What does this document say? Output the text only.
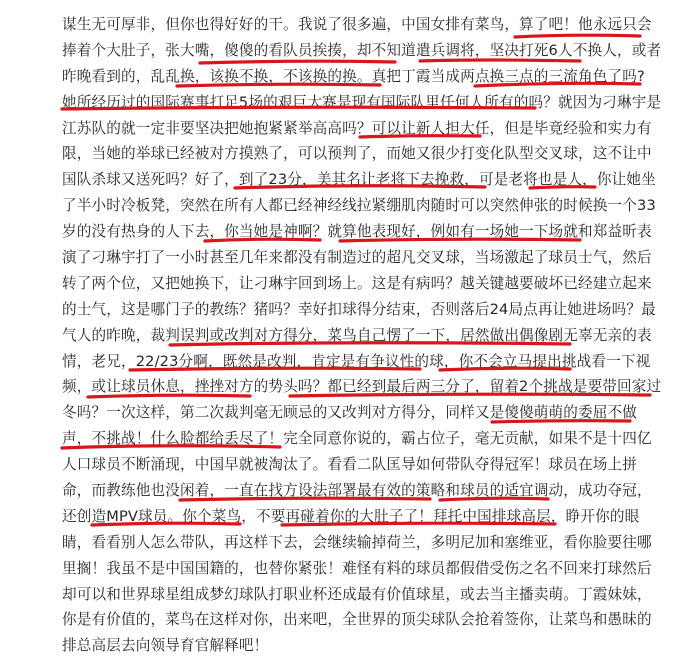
谋生无可厚非，但你也得好好的干。我说了很多遍，中国女排有菜鸟，算了吧！他永远只会
捧着个大肚子，张大嘴，傻傻的看队员挨揍，却不知道遣兵调将，坚决打死6人不换人，或者
昨晚看到的，乱乱换，该换不换，不该换的换。真把丁霞当成两点换三点的三流角色了吗?
她所经历过的国际赛事打足5场的艰巨大赛是现有国际队里任何人所有的吗？就因为刁琳宇是
江苏队的就一定非要坚决把她抱紧紧举高高吗？可以让新人担大任，但是毕竟经验和实力有
限，当她的举球已经被对方摸熟了，可以预判了，而她又很少打变化队型交叉球，这不让中
国队杀球又送死吗？好了，到了23分，美其名让老将下去挽救，可是老将也是人，你让她坐
了半小时冷板凳，突然在所有人都已经神经线拉紧绷肌肉随时可以突然伸张的时候换一个33
岁的没有热身的人下去，你当她是神啊？就算他表现好，例如有一场她一下场就和郑益昕表
演了刁琳宇打了一小时甚至几年来都没有制造过的超凡交叉球，当场激起了球员士气，然后
转了两个位，又把她换下，让刁琳宇回到场上。这是有病吗？越关键越要破坏已经建立起来
的士气，这是哪门子的教练？猪吗？幸好扣球得分结束，否则落后24局点再让她进场吗？最
气人的昨晚，裁判误判或改判对方得分，菜鸟自己愣了一下，居然做出偶像剧无辜无亲的表
情，老兄，22/23分啊，既然是改判，肯定是有争议性的球，你不会立马提出挑战看一下视
频，或让球员休息，挫挫对方的势头吗？都已经到最后两三分了，留着2个挑战是要带回家过
冬吗？一次这样，第二次裁判毫无顾忌的又改判对方得分，同样又是傻傻萌萌的委屈不做
声，不挑战！什么脸都给丢尽了！完全同意你说的，霸占位子，毫无贡献，如果不是十四亿
人口球员不断涌现，中国早就被淘汰了。看看二队匡导如何带队夺得冠军！球员在场上拼
命，而教练他也没闲着，一直在找方设法部署最有效的策略和球员的适宜调动，成功夺冠，
还创造MPV球员。你个菜鸟，不要再碰着你的大肚子了！拜托中国排球高层，睁开你的眼
睛，看看别人怎么带队，再这样下去，会继续输掉荷兰，多明尼加和塞维亚，看你脸要往哪
里搁！我虽不是中国国籍的，也替你紧张！难怪有料的球员都假借受伤之名不回来打球然后
却可以和世界球星组成梦幻球队打职业杯还成最有价值球星，或去当主播卖萌。丁霞妹妹，
你是有价值的，菜鸟在这样对你，出来吧，全世界的顶尖球队会抢着签你，让菜鸟和愚昧的
排总高层去向领导育官解释吧！
